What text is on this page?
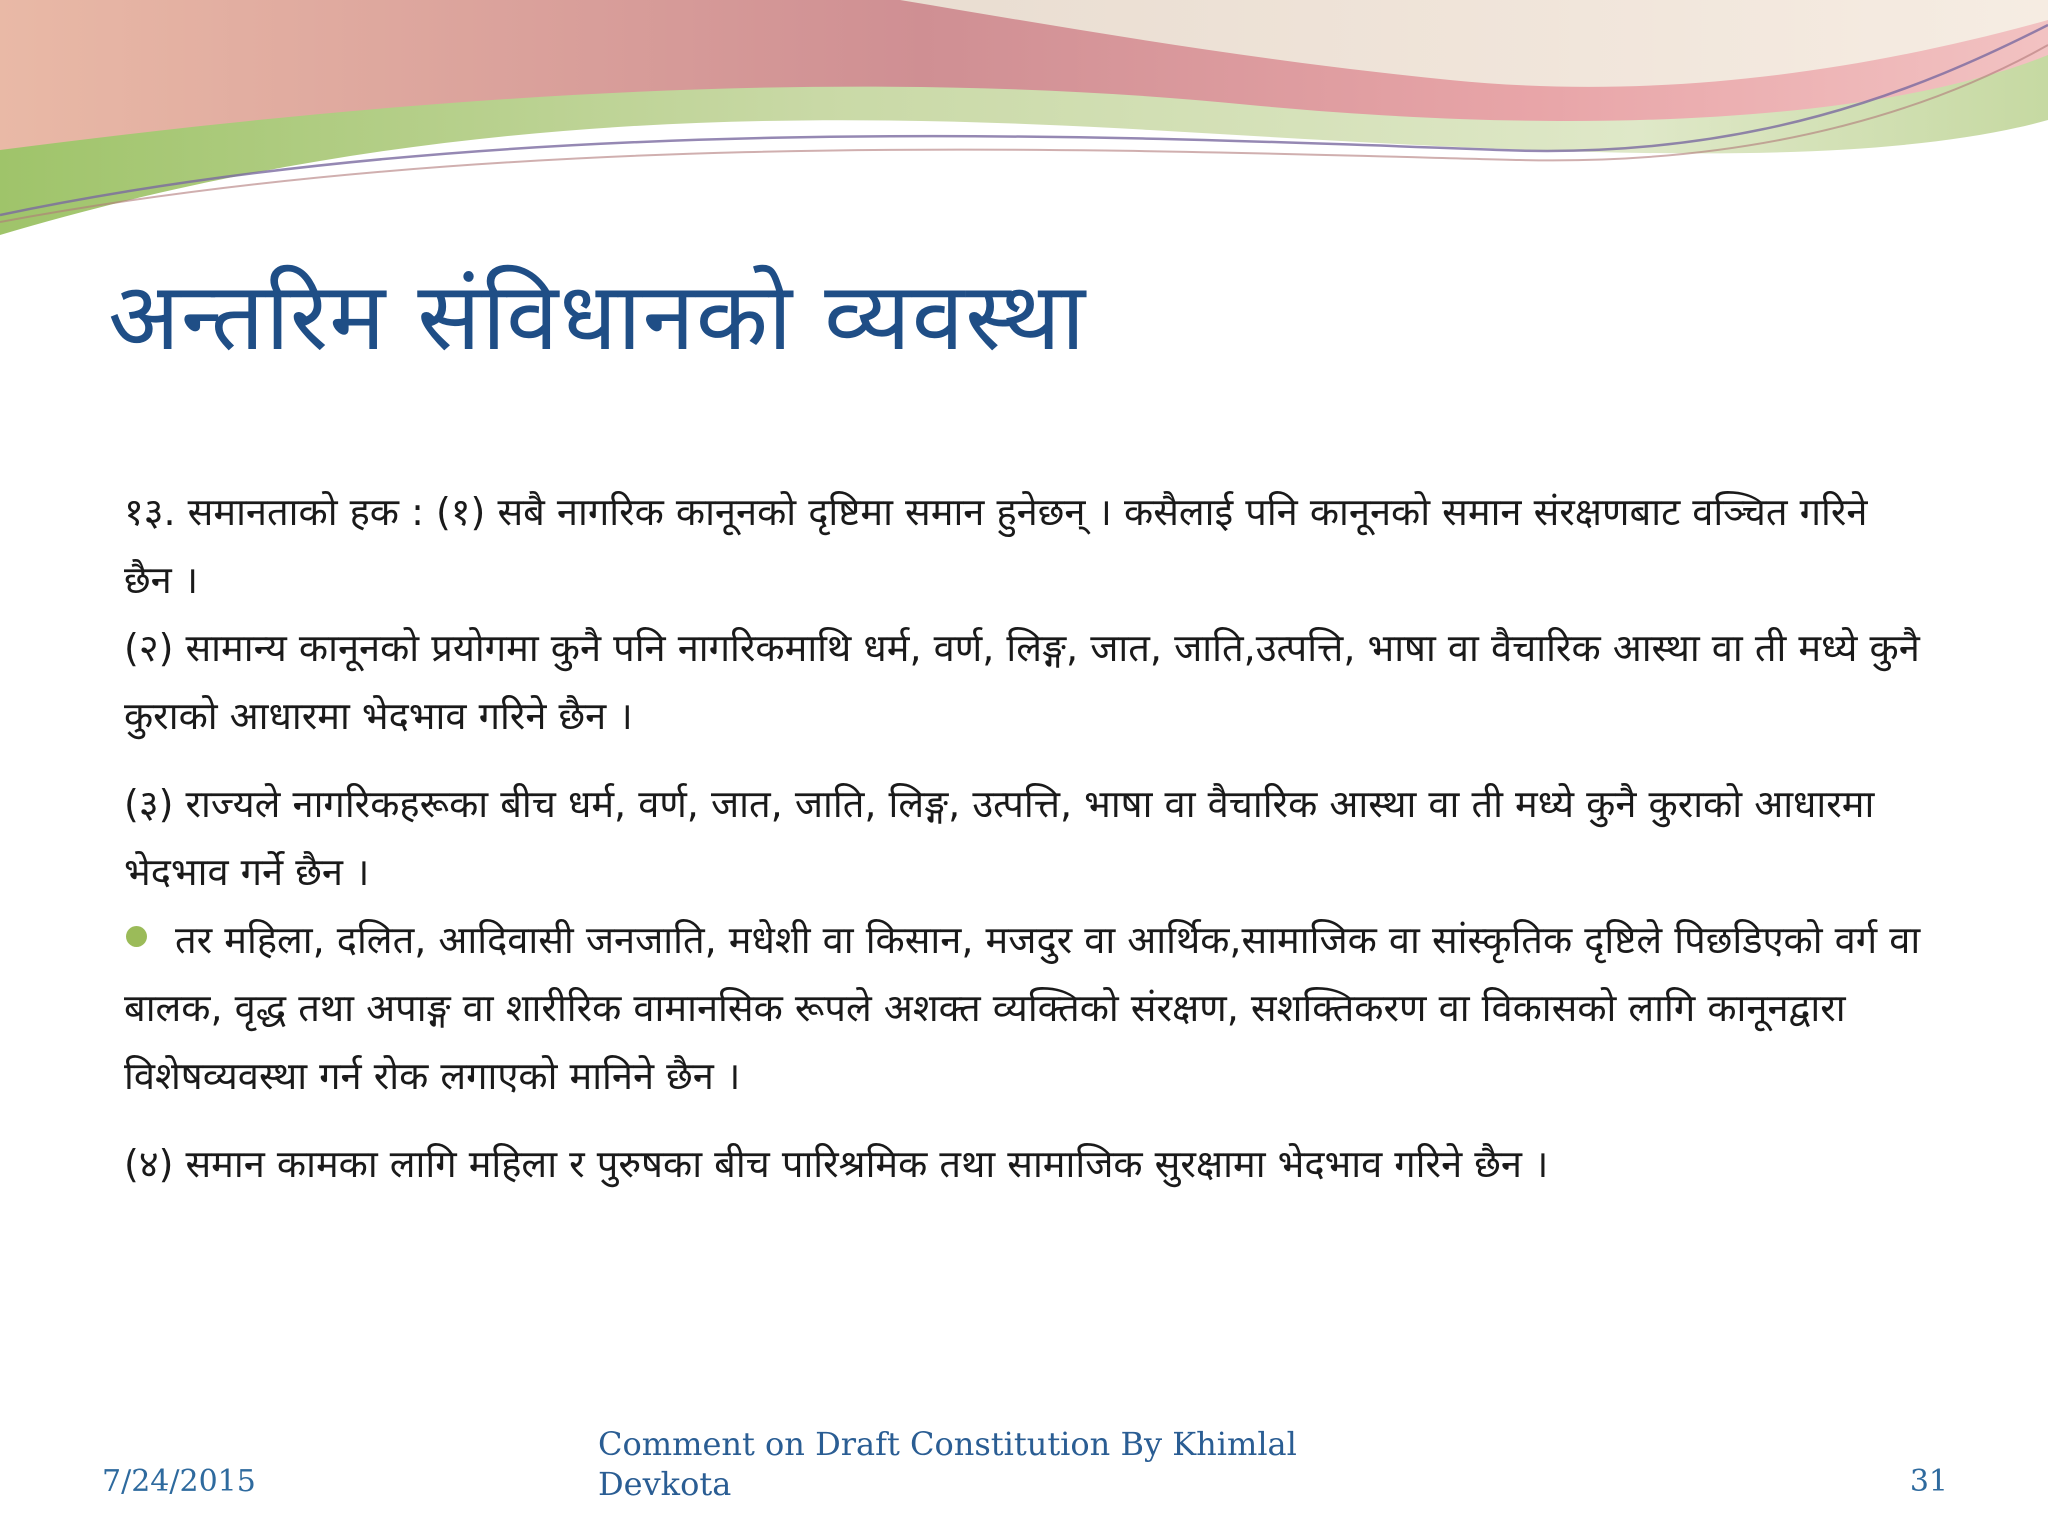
अन्तरिम संविधानको व्यवस्था

१३. समानताको हक : (१) सबै नागरिक कानूनको दृष्टिमा समान हुनेछन् । कसैलाई पनि कानूनको समान संरक्षणबाट वञ्चित गरिने छैन ।

(२) सामान्य कानूनको प्रयोगमा कुनै पनि नागरिकमाथि धर्म, वर्ण, लिङ्ग, जात, जाति,उत्पत्ति, भाषा वा वैचारिक आस्था वा ती मध्ये कुनै कुराको आधारमा भेदभाव गरिने छैन ।

(३) राज्यले नागरिकहरूका बीच धर्म, वर्ण, जात, जाति, लिङ्ग, उत्पत्ति, भाषा वा वैचारिक आस्था वा ती मध्ये कुनै कुराको आधारमा भेदभाव गर्ने छैन ।

तर महिला, दलित, आदिवासी जनजाति, मधेशी वा किसान, मजदुर वा आर्थिक,सामाजिक वा सांस्कृतिक दृष्टिले पिछडिएको वर्ग वा बालक, वृद्ध तथा अपाङ्ग वा शारीरिक वामानसिक रूपले अशक्त व्यक्तिको संरक्षण, सशक्तिकरण वा विकासको लागि कानूनद्वारा विशेषव्यवस्था गर्न रोक लगाएको मानिने छैन ।

(४) समान कामका लागि महिला र पुरुषका बीच पारिश्रमिक तथा सामाजिक सुरक्षामा भेदभाव गरिने छैन ।

7/24/2015
Comment on Draft Constitution By Khimlal Devkota	31
